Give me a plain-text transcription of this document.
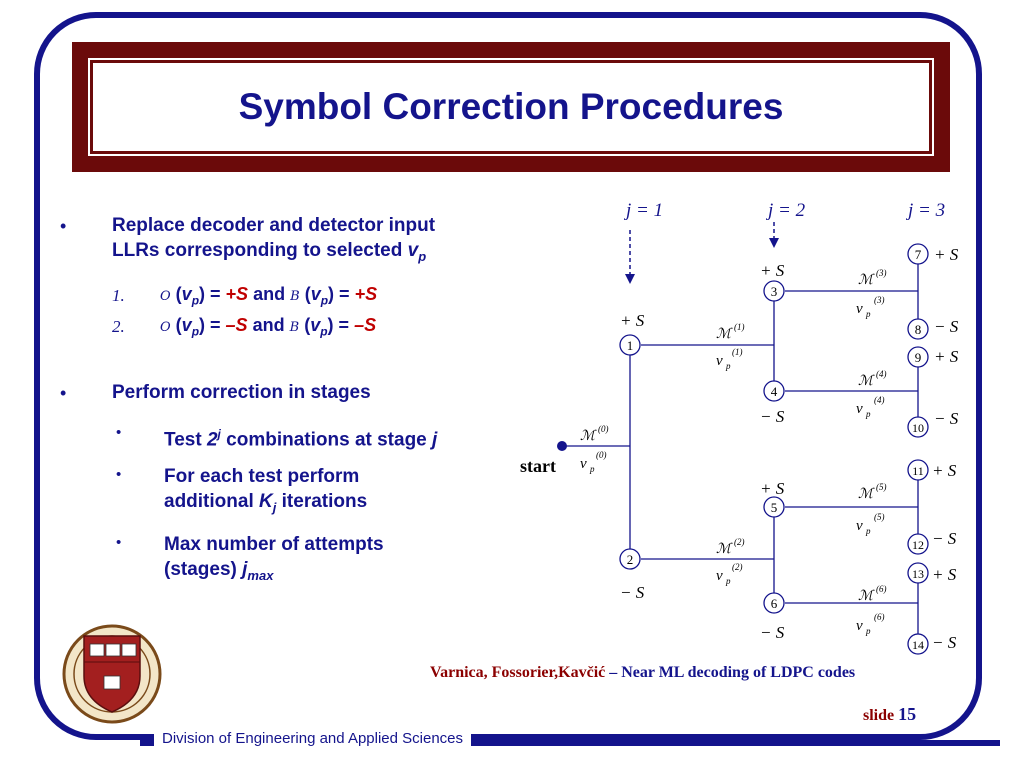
Symbol Correction Procedures
• Replace decoder and detector input
LLRs corresponding to selected $v_p$
1.	O $(v_p) = +S$ and B $(v_p) = +S$
2.	O $(v_p) = -S$ and B $(v_p) = -S$
• Perform correction in stages
• Test 2$^j$ combinations at stage j
• For each test perform
additional $K_j$ iterations
• Max number of attempts
(stages) $j_{max}$
j = 1	j = 2	j = 3
start
1
2
3
4
5
6
7
8
9
10
11
12
13
14
+ S
− S
+ S
− S
+ S
− S
+ S
− S
+ S
− S
+ S
− S
+ S
− S
ℳ (0)
v p
(0)
ℳ (1)
v p
(1)
ℳ (2)
v p
(2)
ℳ (3)
v p
(3)
ℳ (4)
v p
(4)
ℳ (5)
v p
(5)
ℳ (6)
v p
(6)
Varnica, Fossorier,Kavčić – Near ML decoding of LDPC codes
slide 15
Division of Engineering and Applied Sciences
